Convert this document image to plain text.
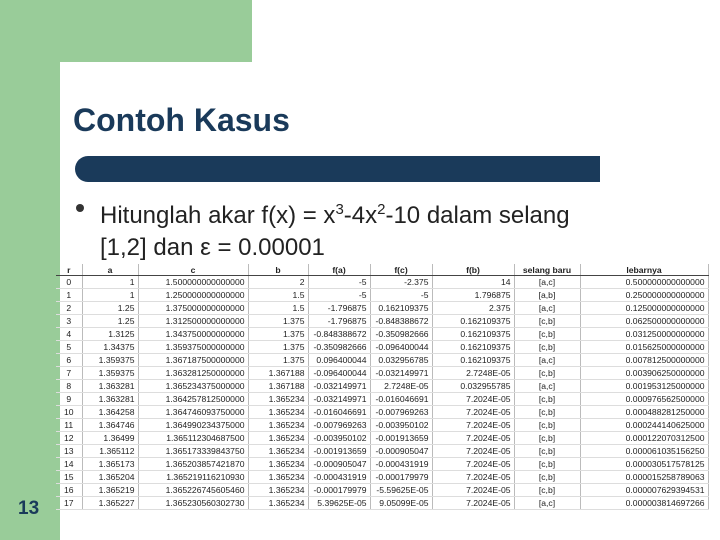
Contoh Kasus
Hitunglah akar $f(x) = x^3-4x^2-10$ dalam selang
[1,2] dan ε = 0.00001
r	a	c	b	f(a)	f(c)	f(b)	selang baru	lebarnya
0	1	1.500000000000000	2	-5	-2.375	14	[a,c]	0.500000000000000
1	1	1.250000000000000	1.5	-5	-5	1.796875	[a,b]	0.250000000000000
2	1.25	1.375000000000000	1.5	-1.796875	0.162109375	2.375	[a,c]	0.125000000000000
3	1.25	1.312500000000000	1.375	-1.796875	-0.848388672	0.162109375	[c,b]	0.062500000000000
4	1.3125	1.343750000000000	1.375	-0.848388672	-0.350982666	0.162109375	[c,b]	0.031250000000000
5	1.34375	1.359375000000000	1.375	-0.350982666	-0.096400044	0.162109375	[c,b]	0.015625000000000
6	1.359375	1.367187500000000	1.375	0.096400044	0.032956785	0.162109375	[a,c]	0.007812500000000
7	1.359375	1.363281250000000	1.367188	-0.096400044	-0.032149971	2.7248E-05	[c,b]	0.003906250000000
8	1.363281	1.365234375000000	1.367188	-0.032149971	2.7248E-05	0.032955785	[a,c]	0.001953125000000
9	1.363281	1.364257812500000	1.365234	-0.032149971	-0.016046691	7.2024E-05	[c,b]	0.000976562500000
10	1.364258	1.364746093750000	1.365234	-0.016046691	-0.007969263	7.2024E-05	[c,b]	0.000488281250000
11	1.364746	1.364990234375000	1.365234	-0.007969263	-0.003950102	7.2024E-05	[c,b]	0.000244140625000
12	1.36499	1.365112304687500	1.365234	-0.003950102	-0.001913659	7.2024E-05	[c,b]	0.000122070312500
13	1.365112	1.365173339843750	1.365234	-0.001913659	-0.000905047	7.2024E-05	[c,b]	0.000061035156250
14	1.365173	1.365203857421870	1.365234	-0.000905047	-0.000431919	7.2024E-05	[c,b]	0.000030517578125
15	1.365204	1.365219116210930	1.365234	-0.000431919	-0.000179979	7.2024E-05	[c,b]	0.000015258789063
16	1.365219	1.365226745605460	1.365234	-0.000179979	-5.59625E-05	7.2024E-05	[c,b]	0.000007629394531
17	1.365227	1.365230560302730	1.365234	5.39625E-05	9.05099E-05	7.2024E-05	[a,c]	0.000003814697266
13
